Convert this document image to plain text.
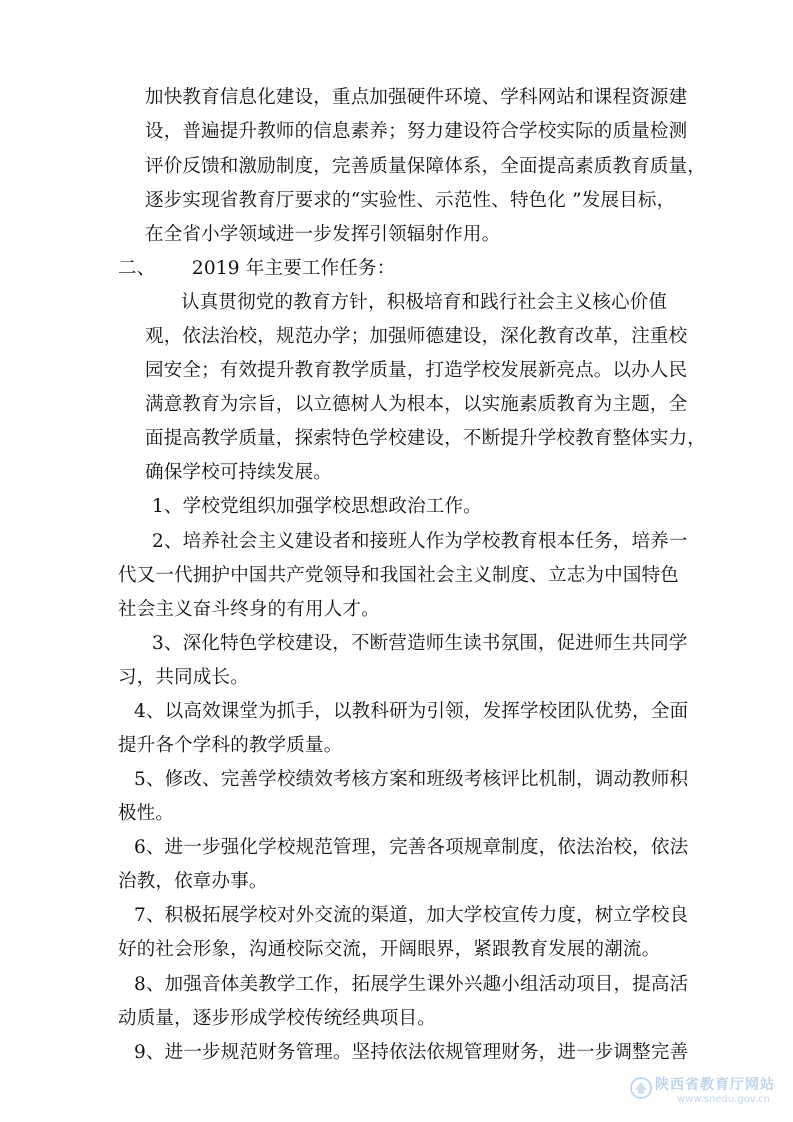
加快教育信息化建设，重点加强硬件环境、学科网站和课程资源建
设，普遍提升教师的信息素养；努力建设符合学校实际的质量检测
评价反馈和激励制度，完善质量保障体系，全面提高素质教育质量，
逐步实现省教育厅要求的“实验性、示范性、特色化 ”发展目标，
在全省小学领域进一步发挥引领辐射作用。
二、      2019 年主要工作任务：
认真贯彻党的教育方针，积极培育和践行社会主义核心价值
观，依法治校，规范办学；加强师德建设，深化教育改革，注重校
园安全；有效提升教育教学质量，打造学校发展新亮点。以办人民
满意教育为宗旨，以立德树人为根本，以实施素质教育为主题，全
面提高教学质量，探索特色学校建设，不断提升学校教育整体实力，
确保学校可持续发展。
1、学校党组织加强学校思想政治工作。
2、培养社会主义建设者和接班人作为学校教育根本任务，培养一
代又一代拥护中国共产党领导和我国社会主义制度、立志为中国特色
社会主义奋斗终身的有用人才。
3、深化特色学校建设，不断营造师生读书氛围，促进师生共同学
习，共同成长。
4、以高效课堂为抓手，以教科研为引领，发挥学校团队优势，全面
提升各个学科的教学质量。
5、修改、完善学校绩效考核方案和班级考核评比机制，调动教师积
极性。
6、进一步强化学校规范管理，完善各项规章制度，依法治校，依法
治教，依章办事。
7、积极拓展学校对外交流的渠道，加大学校宣传力度，树立学校良
好的社会形象，沟通校际交流，开阔眼界，紧跟教育发展的潮流。
8、加强音体美教学工作，拓展学生课外兴趣小组活动项目，提高活
动质量，逐步形成学校传统经典项目。
9、进一步规范财务管理。坚持依法依规管理财务，进一步调整完善
陕西省教育厅网站
www.snedu.gov.cn
